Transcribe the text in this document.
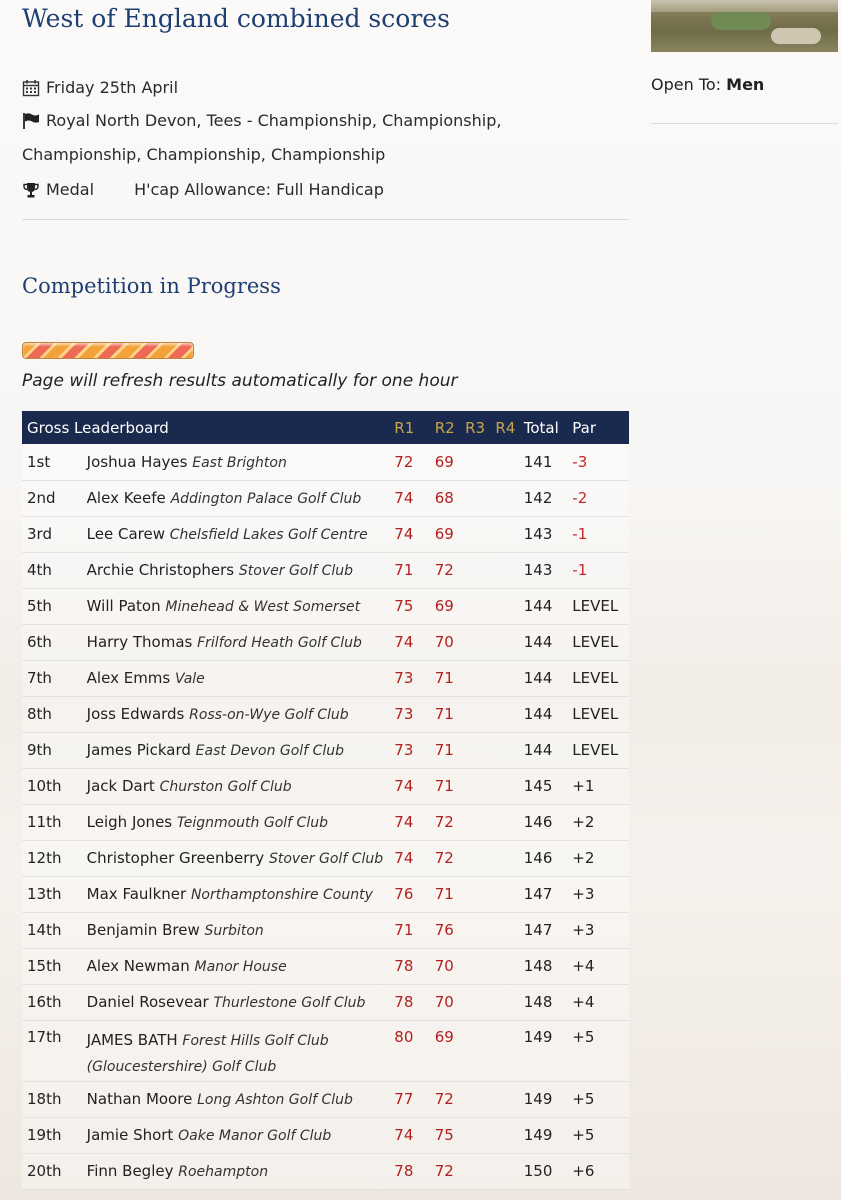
West of England combined scores
Friday 25th April
Royal North Devon, Tees - Championship, Championship,
Championship, Championship, Championship
Medal	H'cap Allowance: Full Handicap
Competition in Progress
Page will refresh results automatically for one hour
Gross Leaderboard		R1	R2	R3	R4	Total	Par
1st	Joshua Hayes East Brighton	72	69			141	-3
2nd	Alex Keefe Addington Palace Golf Club	74	68			142	-2
3rd	Lee Carew Chelsfield Lakes Golf Centre	74	69			143	-1
4th	Archie Christophers Stover Golf Club	71	72			143	-1
5th	Will Paton Minehead & West Somerset	75	69			144	LEVEL
6th	Harry Thomas Frilford Heath Golf Club	74	70			144	LEVEL
7th	Alex Emms Vale	73	71			144	LEVEL
8th	Joss Edwards Ross-on-Wye Golf Club	73	71			144	LEVEL
9th	James Pickard East Devon Golf Club	73	71			144	LEVEL
10th	Jack Dart Churston Golf Club	74	71			145	+1
11th	Leigh Jones Teignmouth Golf Club	74	72			146	+2
12th	Christopher Greenberry Stover Golf Club	74	72			146	+2
13th	Max Faulkner Northamptonshire County	76	71			147	+3
14th	Benjamin Brew Surbiton	71	76			147	+3
15th	Alex Newman Manor House	78	70			148	+4
16th	Daniel Rosevear Thurlestone Golf Club	78	70			148	+4
17th	JAMES BATH Forest Hills Golf Club (Gloucestershire) Golf Club	80	69			149	+5
18th	Nathan Moore Long Ashton Golf Club	77	72			149	+5
19th	Jamie Short Oake Manor Golf Club	74	75			149	+5
20th	Finn Begley Roehampton	78	72			150	+6
Open To: Men
